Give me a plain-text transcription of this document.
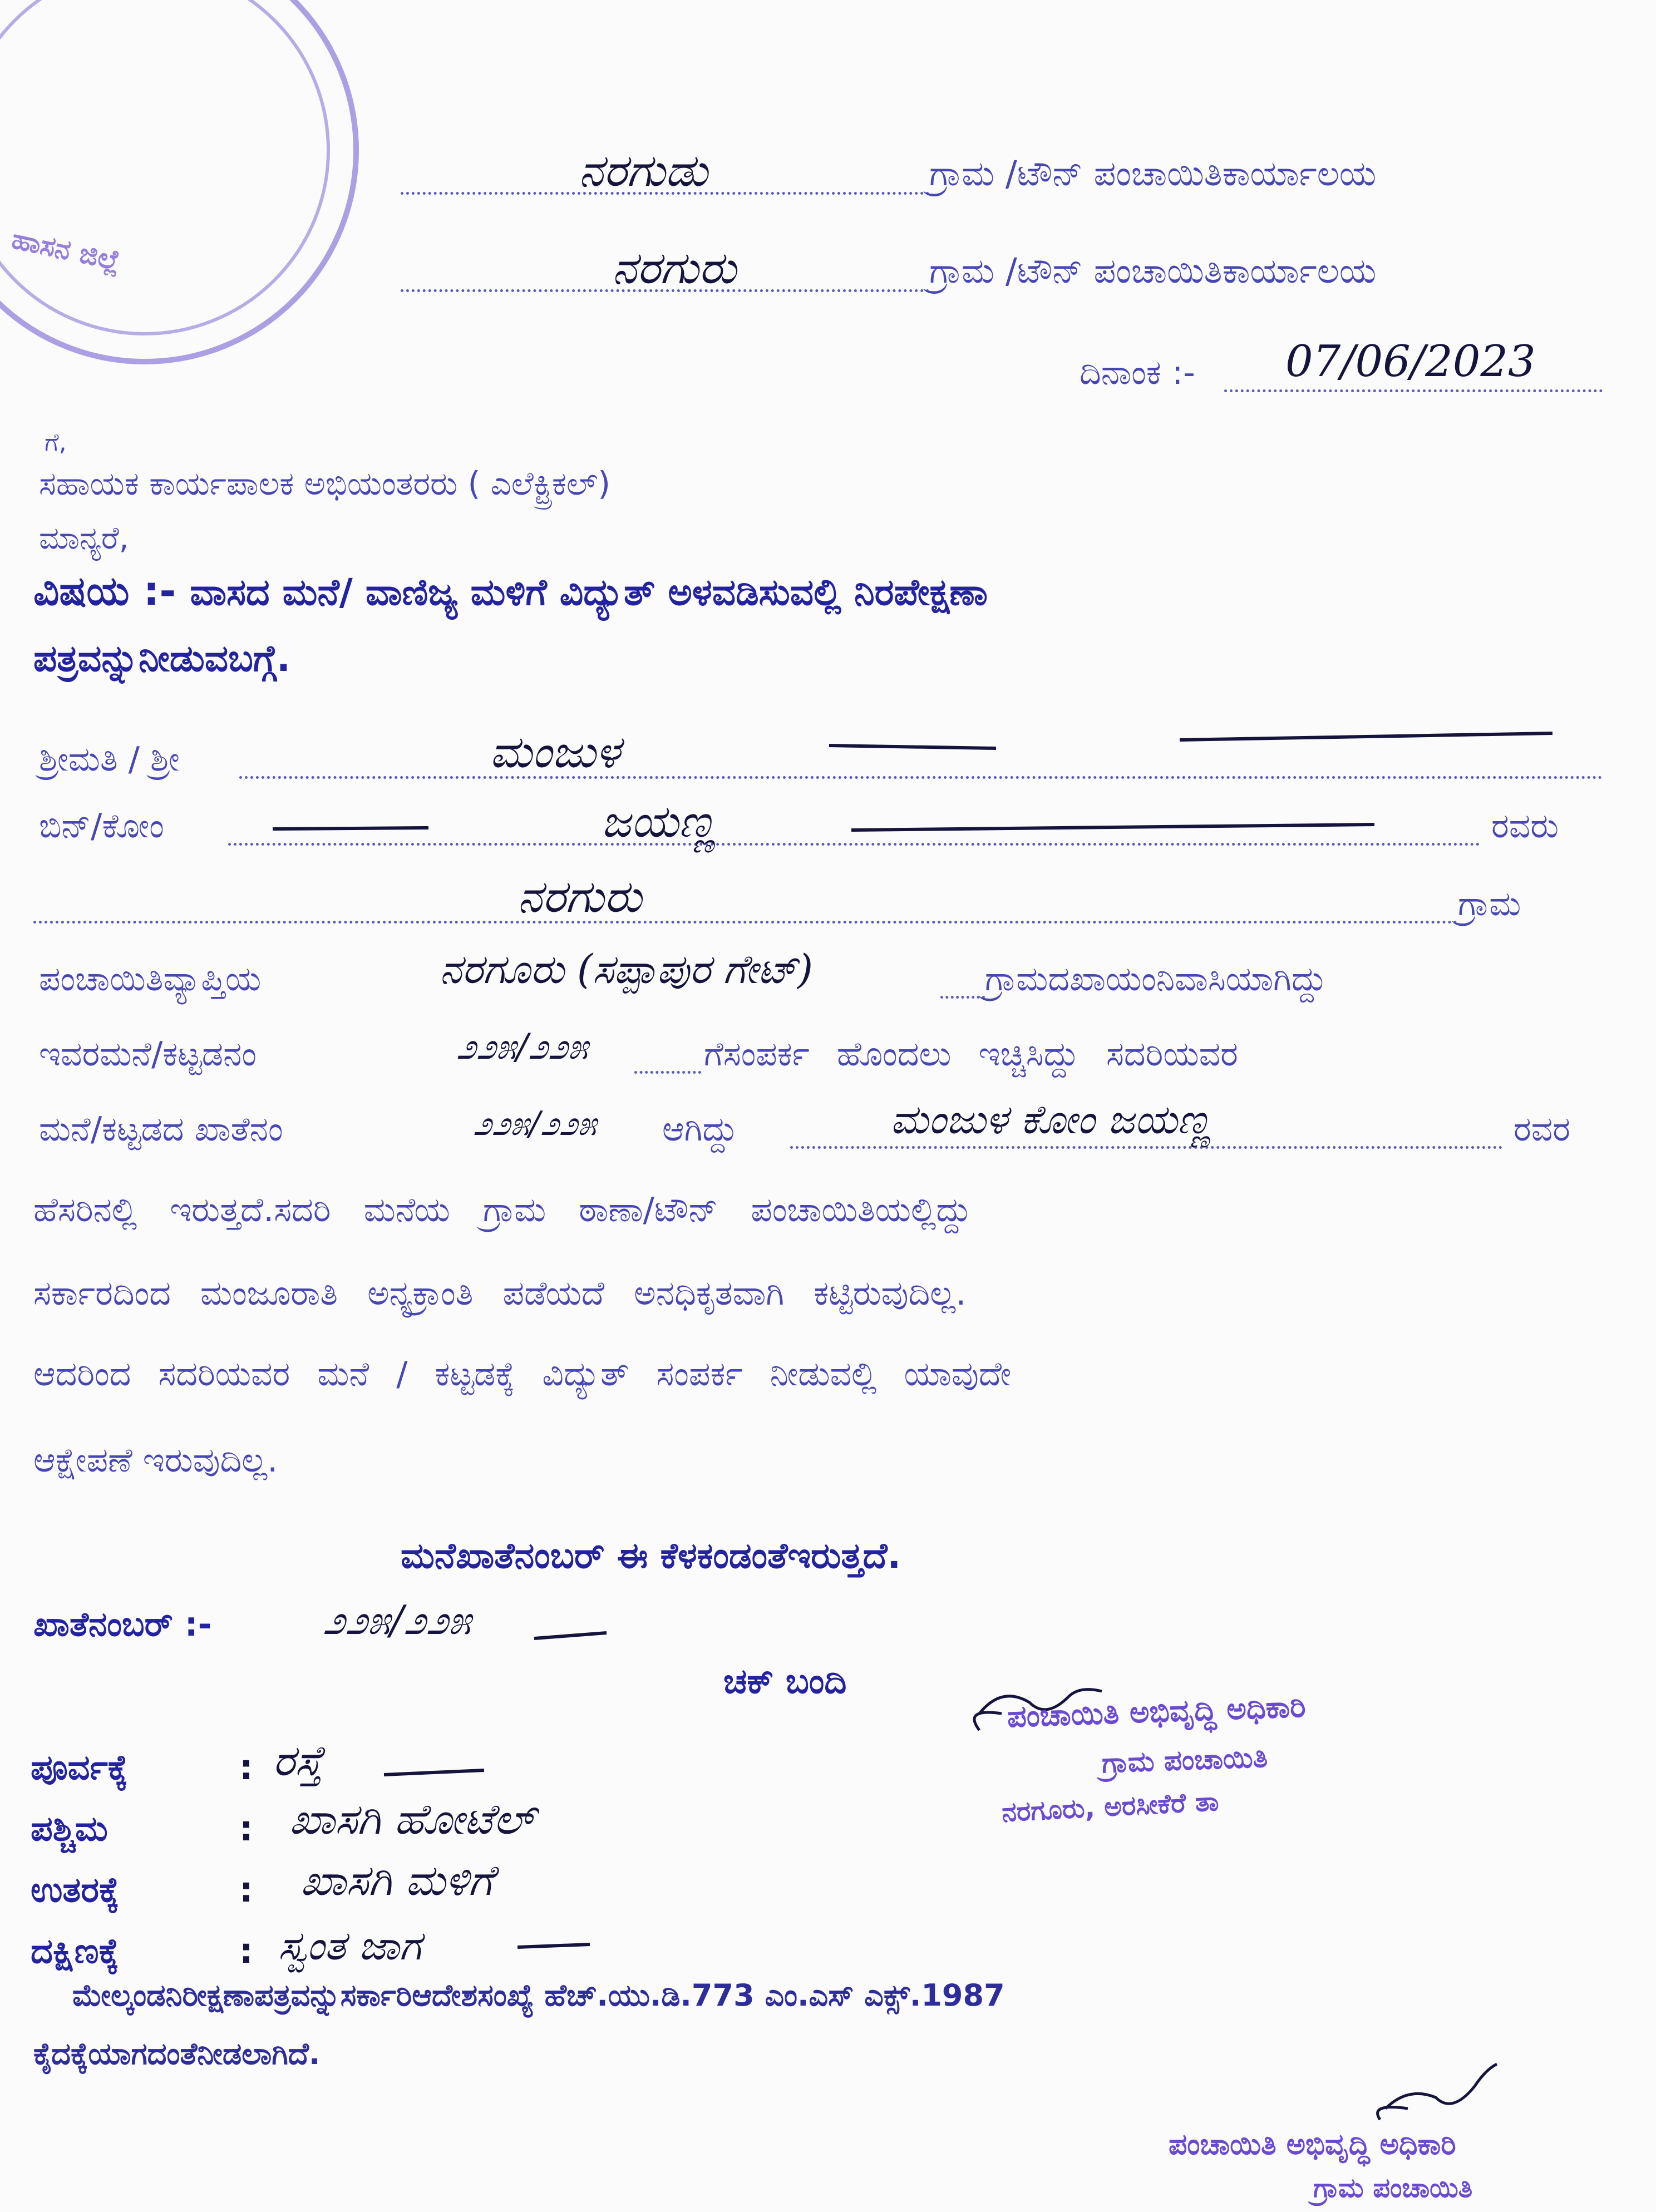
ಹಾಸನ ಜಿಲ್ಲೆ
ನರಗುಡು	ಗ್ರಾಮ /ಟೌನ್ ಪಂಚಾಯಿತಿಕಾರ್ಯಾಲಯ
ನರಗುರು	ಗ್ರಾಮ /ಟೌನ್ ಪಂಚಾಯಿತಿಕಾರ್ಯಾಲಯ
ದಿನಾಂಕ :- 07/06/2023
ಗೆ,
ಸಹಾಯಕ ಕಾರ್ಯಪಾಲಕ ಅಭಿಯಂತರರು ( ಎಲೆಕ್ಟ್ರಿಕಲ್)
ಮಾನ್ಯರೆ,
ವಿಷಯ :- ವಾಸದ ಮನೆ/ ವಾಣಿಜ್ಯ ಮಳಿಗೆ ವಿದ್ಯುತ್ ಅಳವಡಿಸುವಲ್ಲಿ ನಿರಪೇಕ್ಷಣಾ
ಪತ್ರವನ್ನುನೀಡುವಬಗ್ಗೆ.
ಶ್ರೀಮತಿ / ಶ್ರೀ	ಮಂಜುಳ
ಬಿನ್/ಕೋಂ	ಜಯಣ್ಣ	ರವರು
ನರಗುರು	ಗ್ರಾಮ
ಪಂಚಾಯಿತಿವ್ಯಾಪ್ತಿಯ	ನರಗೂರು (ಸಪ್ಪಾಪುರ ಗೇಟ್)	ಗ್ರಾಮದಖಾಯಂನಿವಾಸಿಯಾಗಿದ್ದು
ಇವರಮನೆ/ಕಟ್ಟಡನಂ	೨೨೫/೨೨೫	ಗೆಸಂಪರ್ಕ ಹೊಂದಲು ಇಚ್ಚಿಸಿದ್ದು ಸದರಿಯವರ
ಮನೆ/ಕಟ್ಟಡದ ಖಾತೆನಂ	೨೨೫/೨೨೫ ಆಗಿದ್ದು	ಮಂಜುಳ ಕೋಂ ಜಯಣ್ಣ	ರವರ
ಹೆಸರಿನಲ್ಲಿ ಇರುತ್ತದೆ.ಸದರಿ ಮನೆಯ ಗ್ರಾಮ ಠಾಣಾ/ಟೌನ್ ಪಂಚಾಯಿತಿಯಲ್ಲಿದ್ದು
ಸರ್ಕಾರದಿಂದ ಮಂಜೂರಾತಿ ಅನ್ಯಕ್ರಾಂತಿ ಪಡೆಯದೆ ಅನಧಿಕೃತವಾಗಿ ಕಟ್ಟಿರುವುದಿಲ್ಲ.
ಆದರಿಂದ ಸದರಿಯವರ ಮನೆ / ಕಟ್ಟಡಕ್ಕೆ ವಿದ್ಯುತ್ ಸಂಪರ್ಕ ನೀಡುವಲ್ಲಿ ಯಾವುದೇ
ಆಕ್ಷೇಪಣೆ ಇರುವುದಿಲ್ಲ.
ಮನೆಖಾತೆನಂಬರ್ ಈ ಕೆಳಕಂಡಂತೆಇರುತ್ತದೆ.
ಖಾತೆನಂಬರ್ :-	೨೨೫/೨೨೫
ಚಕ್ ಬಂದಿ
ಪೂರ್ವಕ್ಕೆ	: ರಸ್ತೆ
ಪಶ್ಚಿಮ	: ಖಾಸಗಿ ಹೋಟೆಲ್
ಉತರಕ್ಕೆ	: ಖಾಸಗಿ ಮಳಿಗೆ
ದಕ್ಷಿಣಕ್ಕೆ	: ಸ್ವಂತ ಜಾಗ
ಪಂಚಾಯಿತಿ ಅಭಿವೃದ್ಧಿ ಅಧಿಕಾರಿ
ಗ್ರಾಮ ಪಂಚಾಯಿತಿ
ನರಗೂರು, ಅರಸೀಕೆರೆ ತಾ
ಮೇಲ್ಕಂಡನಿರೀಕ್ಷಣಾಪತ್ರವನ್ನುಸರ್ಕಾರಿಆದೇಶಸಂಖ್ಯೆ ಹೆಚ್.ಯು.ಡಿ.773 ಎಂ.ಎಸ್ ಎಕ್ಸ್.1987
ಕೈದಕ್ಕೆಯಾಗದಂತೆನೀಡಲಾಗಿದೆ.
ಪಂಚಾಯಿತಿ ಅಭಿವೃದ್ಧಿ ಅಧಿಕಾರಿ
ಗ್ರಾಮ ಪಂಚಾಯಿತಿ
